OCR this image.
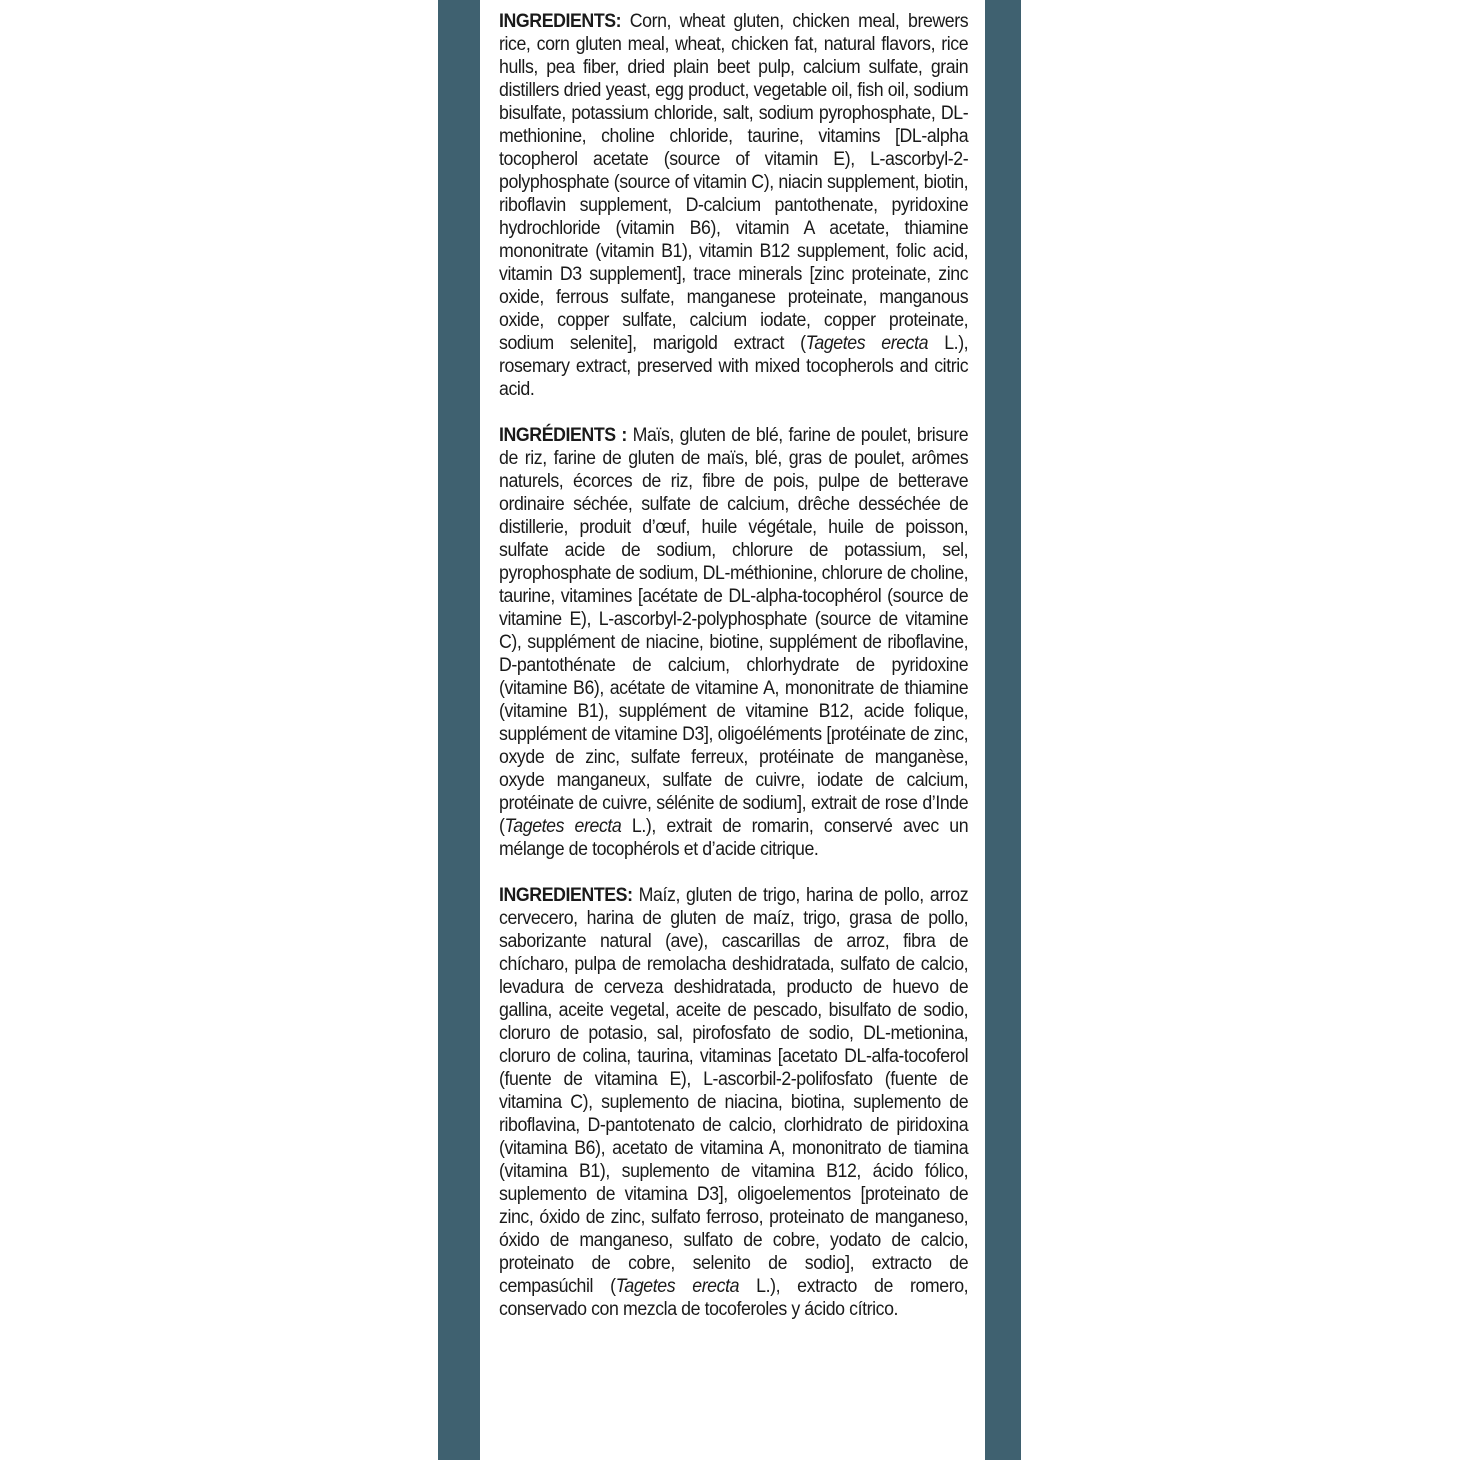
INGREDIENTS: Corn, wheat gluten, chicken meal, brewers rice, corn gluten meal, wheat, chicken fat, natural flavors, rice hulls, pea fiber, dried plain beet pulp, calcium sulfate, grain distillers dried yeast, egg product, vegetable oil, fish oil, sodium bisulfate, potassium chloride, salt, sodium pyrophosphate, DL-methionine, choline chloride, taurine, vitamins [DL-alpha tocopherol acetate (source of vitamin E), L-ascorbyl-2-polyphosphate (source of vitamin C), niacin supplement, biotin, riboflavin supplement, D-calcium pantothenate, pyridoxine hydrochloride (vitamin B6), vitamin A acetate, thiamine mononitrate (vitamin B1), vitamin B12 supplement, folic acid, vitamin D3 supplement], trace minerals [zinc proteinate, zinc oxide, ferrous sulfate, manganese proteinate, manganous oxide, copper sulfate, calcium iodate, copper proteinate, sodium selenite], marigold extract (Tagetes erecta L.), rosemary extract, preserved with mixed tocopherols and citric acid.

INGRÉDIENTS : Maïs, gluten de blé, farine de poulet, brisure de riz, farine de gluten de maïs, blé, gras de poulet, arômes naturels, écorces de riz, fibre de pois, pulpe de betterave ordinaire séchée, sulfate de calcium, drêche desséchée de distillerie, produit d’œuf, huile végétale, huile de poisson, sulfate acide de sodium, chlorure de potassium, sel, pyrophosphate de sodium, DL-méthionine, chlorure de choline, taurine, vitamines [acétate de DL-alpha-tocophérol (source de vitamine E), L-ascorbyl-2-polyphosphate (source de vitamine C), supplément de niacine, biotine, supplément de riboflavine, D-pantothénate de calcium, chlorhydrate de pyridoxine (vitamine B6), acétate de vitamine A, mononitrate de thiamine (vitamine B1), supplément de vitamine B12, acide folique, supplément de vitamine D3], oligoéléments [protéinate de zinc, oxyde de zinc, sulfate ferreux, protéinate de manganèse, oxyde manganeux, sulfate de cuivre, iodate de calcium, protéinate de cuivre, sélénite de sodium], extrait de rose d’Inde (Tagetes erecta L.), extrait de romarin, conservé avec un mélange de tocophérols et d’acide citrique.

INGREDIENTES: Maíz, gluten de trigo, harina de pollo, arroz cervecero, harina de gluten de maíz, trigo, grasa de pollo, saborizante natural (ave), cascarillas de arroz, fibra de chícharo, pulpa de remolacha deshidratada, sulfato de calcio, levadura de cerveza deshidratada, producto de huevo de gallina, aceite vegetal, aceite de pescado, bisulfato de sodio, cloruro de potasio, sal, pirofosfato de sodio, DL-metionina, cloruro de colina, taurina, vitaminas [acetato DL-alfa-tocoferol (fuente de vitamina E), L-ascorbil-2-polifosfato (fuente de vitamina C), suplemento de niacina, biotina, suplemento de riboflavina, D-pantotenato de calcio, clorhidrato de piridoxina (vitamina B6), acetato de vitamina A, mononitrato de tiamina (vitamina B1), suplemento de vitamina B12, ácido fólico, suplemento de vitamina D3], oligoelementos [proteinato de zinc, óxido de zinc, sulfato ferroso, proteinato de manganeso, óxido de manganeso, sulfato de cobre, yodato de calcio, proteinato de cobre, selenito de sodio], extracto de cempasúchil (Tagetes erecta L.), extracto de romero, conservado con mezcla de tocoferoles y ácido cítrico.
